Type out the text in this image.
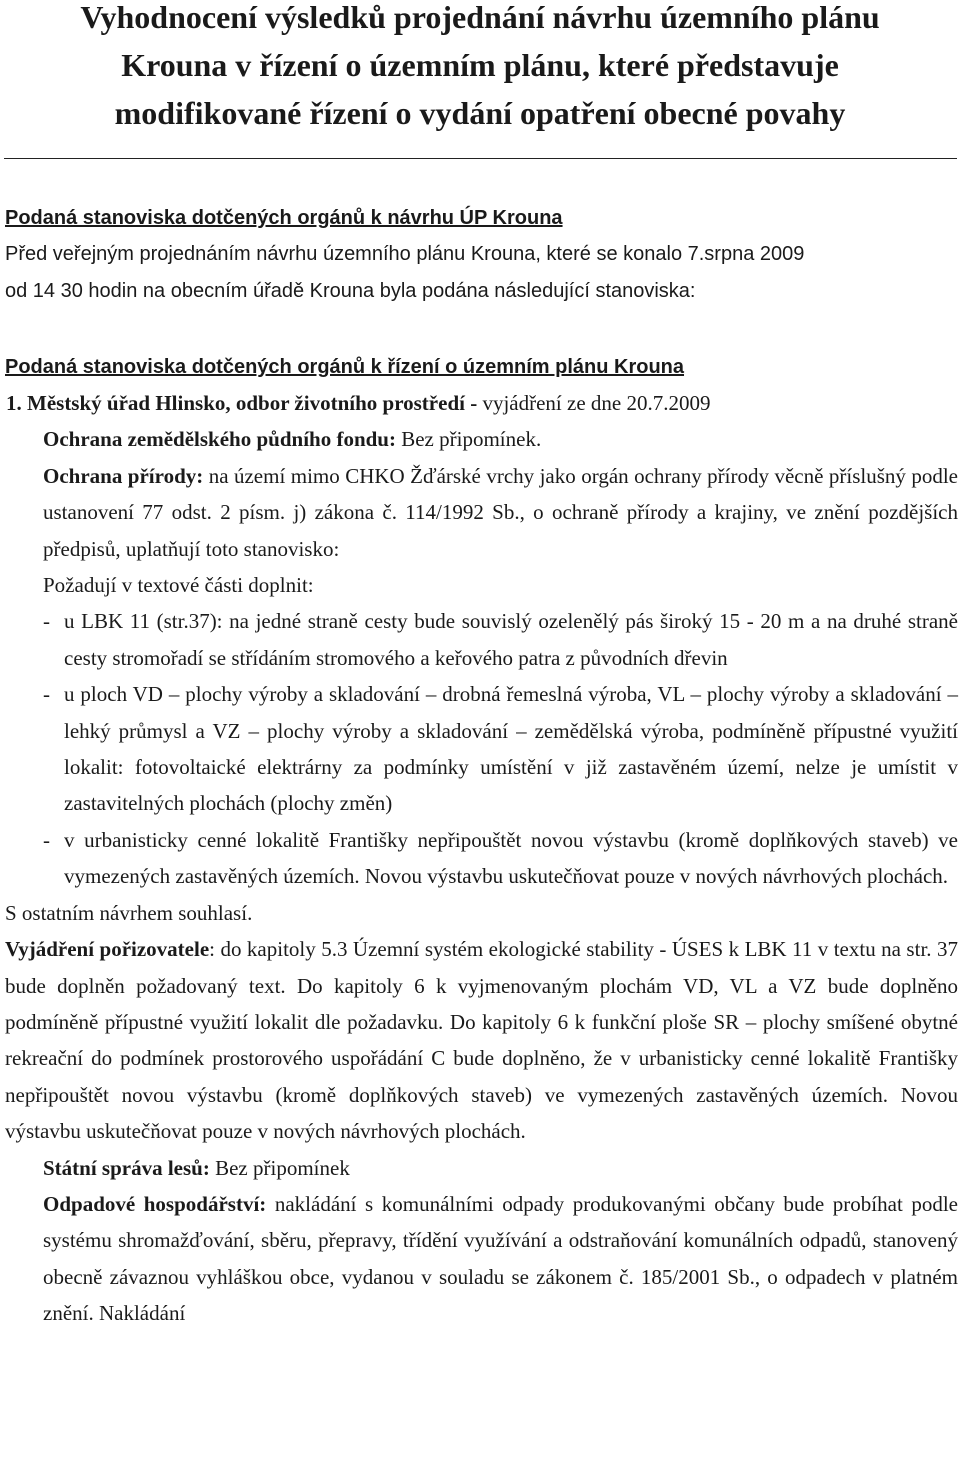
Vyhodnocení výsledků projednání návrhu územního plánu
Krouna v řízení o územním plánu, které představuje
modifikované řízení o vydání opatření obecné povahy

Podaná stanoviska dotčených orgánů k návrhu ÚP Krouna

Před veřejným projednáním návrhu územního plánu Krouna, které se konalo 7.srpna 2009

od 14 30 hodin na obecním úřadě Krouna byla podána následující stanoviska:

Podaná stanoviska dotčených orgánů k řízení o územním plánu Krouna

1. Městský úřad Hlinsko, odbor životního prostředí - vyjádření ze dne 20.7.2009

Ochrana zemědělského půdního fondu: Bez připomínek.

Ochrana přírody: na území mimo CHKO Žďárské vrchy jako orgán ochrany přírody věcně příslušný podle ustanovení 77 odst. 2 písm. j) zákona č. 114/1992 Sb., o ochraně přírody a krajiny, ve znění pozdějších předpisů, uplatňují toto stanovisko:

Požadují v textové části doplnit:

- u LBK 11 (str.37): na jedné straně cesty bude souvislý ozelenělý pás široký 15 - 20 m a na druhé straně cesty stromořadí se střídáním stromového a keřového patra z původních dřevin
- u ploch VD – plochy výroby a skladování – drobná řemeslná výroba, VL – plochy výroby a skladování – lehký průmysl a VZ – plochy výroby a skladování – zemědělská výroba, podmíněně přípustné využití lokalit: fotovoltaické elektrárny za podmínky umístění v již zastavěném území, nelze je umístit v zastavitelných plochách (plochy změn)
- v urbanisticky cenné lokalitě Františky nepřipouštět novou výstavbu (kromě doplňkových staveb) ve vymezených zastavěných územích. Novou výstavbu uskutečňovat pouze v nových návrhových plochách.

S ostatním návrhem souhlasí.

Vyjádření pořizovatele: do kapitoly 5.3 Územní systém ekologické stability - ÚSES k LBK 11 v textu na str. 37 bude doplněn požadovaný text. Do kapitoly 6 k vyjmenovaným plochám VD, VL a VZ bude doplněno podmíněně přípustné využití lokalit dle požadavku. Do kapitoly 6 k funkční ploše SR – plochy smíšené obytné rekreační do podmínek prostorového uspořádání C bude doplněno, že v urbanisticky cenné lokalitě Františky nepřipouštět novou výstavbu (kromě doplňkových staveb) ve vymezených zastavěných územích. Novou výstavbu uskutečňovat pouze v nových návrhových plochách.

Státní správa lesů: Bez připomínek

Odpadové hospodářství: nakládání s komunálními odpady produkovanými občany bude probíhat podle systému shromažďování, sběru, přepravy, třídění využívání a odstraňování komunálních odpadů, stanovený obecně závaznou vyhláškou obce, vydanou v souladu se zákonem č. 185/2001 Sb., o odpadech v platném znění. Nakládání
